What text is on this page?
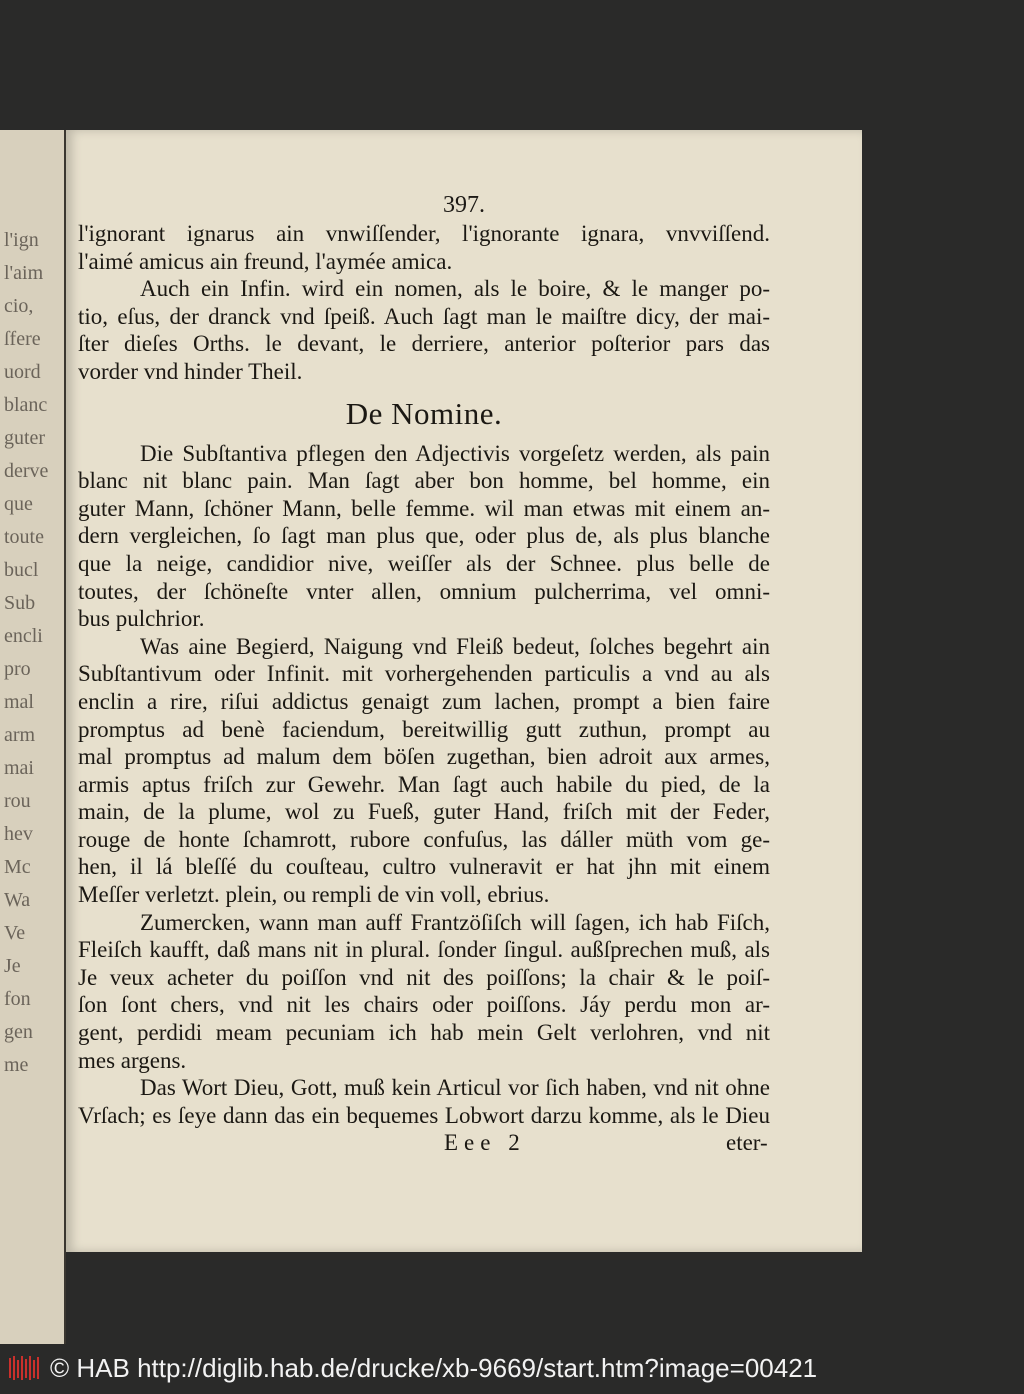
l'ign
l'aim
cio,
ſfere
uord
blanc
guter
derve
que
toute
bucl
Sub
encli
pro
mal
arm
mai
rou
hev
Mc
Wa
Ve
Je
fon
gen
me
397.
l'ignorant ignarus ain vnwiſſender, l'ignorante ignara, vnvviſſend.
l'aimé amicus ain freund, l'aymée amica.
Auch ein Infin. wird ein nomen, als le boire, & le manger po-
tio, eſus, der dranck vnd ſpeiß. Auch ſagt man le maiſtre dicy, der mai-
ſter dieſes Orths. le devant, le derriere, anterior poſterior pars das
vorder vnd hinder Theil.
De Nomine.
Die Subſtantiva pflegen den Adjectivis vorgeſetz werden, als pain
blanc nit blanc pain. Man ſagt aber bon homme, bel homme, ein
guter Mann, ſchöner Mann, belle femme. wil man etwas mit einem an-
dern vergleichen, ſo ſagt man plus que, oder plus de, als plus blanche
que la neige, candidior nive, weiſſer als der Schnee. plus belle de
toutes, der ſchöneſte vnter allen, omnium pulcherrima, vel omni-
bus pulchrior.
Was aine Begierd, Naigung vnd Fleiß bedeut, ſolches begehrt ain
Subſtantivum oder Infinit. mit vorhergehenden particulis a vnd au als
enclin a rire, riſui addictus genaigt zum lachen, prompt a bien faire
promptus ad benè faciendum, bereitwillig gutt zuthun, prompt au
mal promptus ad malum dem böſen zugethan, bien adroit aux armes,
armis aptus friſch zur Gewehr. Man ſagt auch habile du pied, de la
main, de la plume, wol zu Fueß, guter Hand, friſch mit der Feder,
rouge de honte ſchamrott, rubore confuſus, las dáller müth vom ge-
hen, il lá bleſſé du couſteau, cultro vulneravit er hat jhn mit einem
Meſſer verletzt. plein, ou rempli de vin voll, ebrius.
Zumercken, wann man auff Frantzöſiſch will ſagen, ich hab Fiſch,
Fleiſch kaufft, daß mans nit in plural. ſonder ſingul. außſprechen muß, als
Je veux acheter du poiſſon vnd nit des poiſſons; la chair & le poiſ-
ſon ſont chers, vnd nit les chairs oder poiſſons. Jáy perdu mon ar-
gent, perdidi meam pecuniam ich hab mein Gelt verlohren, vnd nit
mes argens.
Das Wort Dieu, Gott, muß kein Articul vor ſich haben, vnd nit ohne
Vrſach; es ſeye dann das ein bequemes Lobwort darzu komme, als le Dieu
Eee 2	eter-
© HAB http://diglib.hab.de/drucke/xb-9669/start.htm?image=00421
